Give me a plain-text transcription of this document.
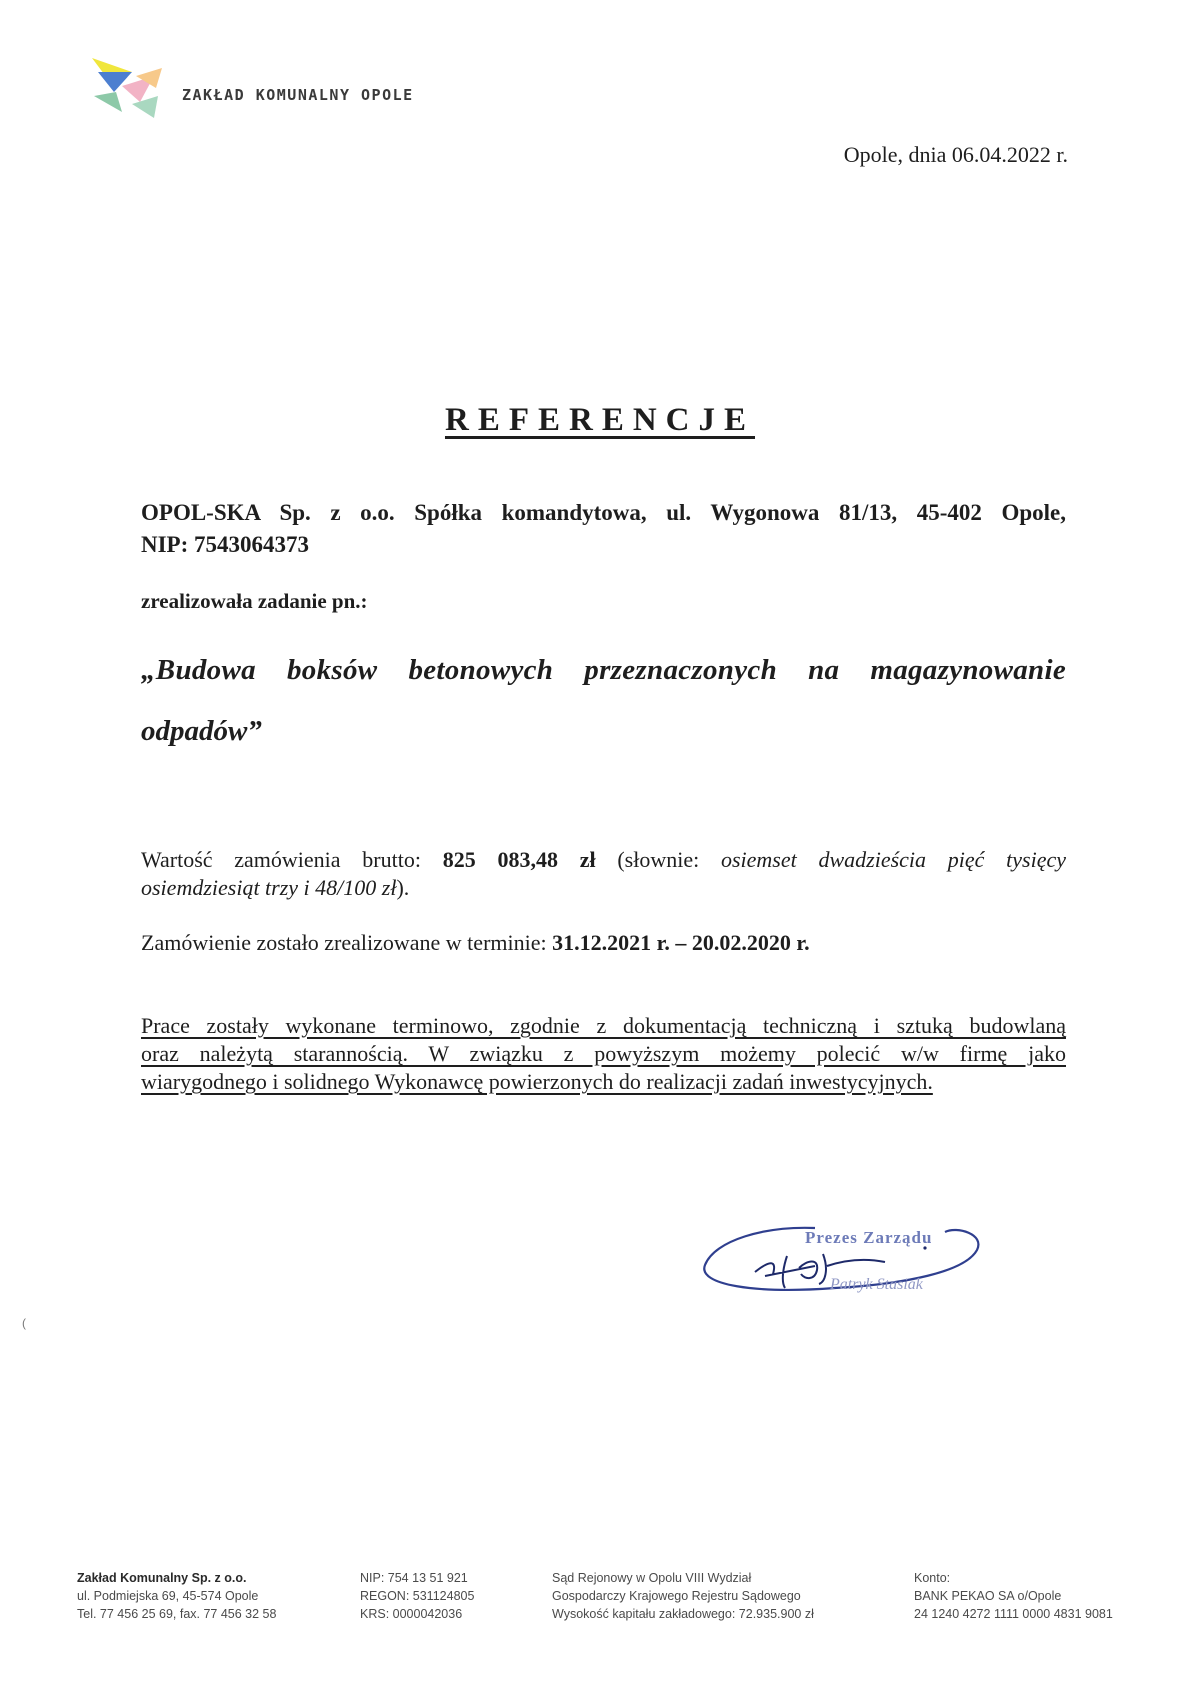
ZAKŁAD KOMUNALNY OPOLE
Opole, dnia 06.04.2022 r.
REFERENCJE
OPOL-SKA Sp. z o.o. Spółka komandytowa, ul. Wygonowa 81/13, 45-402 Opole,
NIP: 7543064373
zrealizowała zadanie pn.:
„Budowa boksów betonowych przeznaczonych na magazynowanie
odpadów”
Wartość zamówienia brutto: 825 083,48 zł (słownie: osiemset dwadzieścia pięć tysięcy
osiemdziesiąt trzy i 48/100 zł).
Zamówienie zostało zrealizowane w terminie: 31.12.2021 r. – 20.02.2020 r.
Prace zostały wykonane terminowo, zgodnie z dokumentacją techniczną i sztuką budowlaną
oraz należytą starannością. W związku z powyższym możemy polecić w/w firmę jako
wiarygodnego i solidnego Wykonawcę powierzonych do realizacji zadań inwestycyjnych.
Prezes Zarządu
Patryk Stasiak
(
Zakład Komunalny Sp. z o.o.
ul. Podmiejska 69, 45-574 Opole
Tel. 77 456 25 69, fax. 77 456 32 58
NIP: 754 13 51 921
REGON: 531124805
KRS: 0000042036
Sąd Rejonowy w Opolu VIII Wydział
Gospodarczy Krajowego Rejestru Sądowego
Wysokość kapitału zakładowego: 72.935.900 zł
Konto:
BANK PEKAO SA o/Opole
24 1240 4272 1111 0000 4831 9081
